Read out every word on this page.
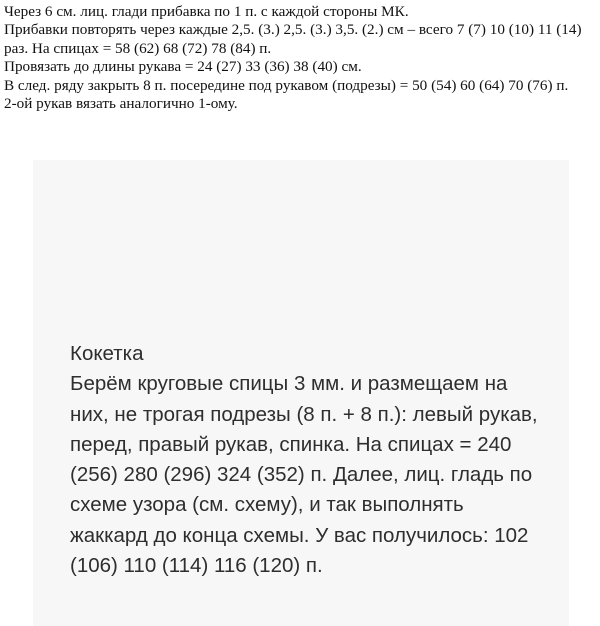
Через 6 см. лиц. глади прибавка по 1 п. с каждой стороны МК.

Прибавки повторять через каждые 2,5. (3.) 2,5. (3.) 3,5. (2.) см – всего 7 (7) 10 (10) 11 (14) раз. На спицах = 58 (62) 68 (72) 78 (84) п.

Провязать до длины рукава = 24 (27) 33 (36) 38 (40) см.

В след. ряду закрыть 8 п. посередине под рукавом (подрезы) = 50 (54) 60 (64) 70 (76) п.

2-ой рукав вязать аналогично 1-ому.

Кокетка

Берём круговые спицы 3 мм. и размещаем на них, не трогая подрезы (8 п. + 8 п.): левый рукав, перед, правый рукав, спинка. На спицах = 240 (256) 280 (296) 324 (352) п. Далее, лиц. гладь по схеме узора (см. схему), и так выполнять жаккард до конца схемы. У вас получилось: 102 (106) 110 (114) 116 (120) п.
